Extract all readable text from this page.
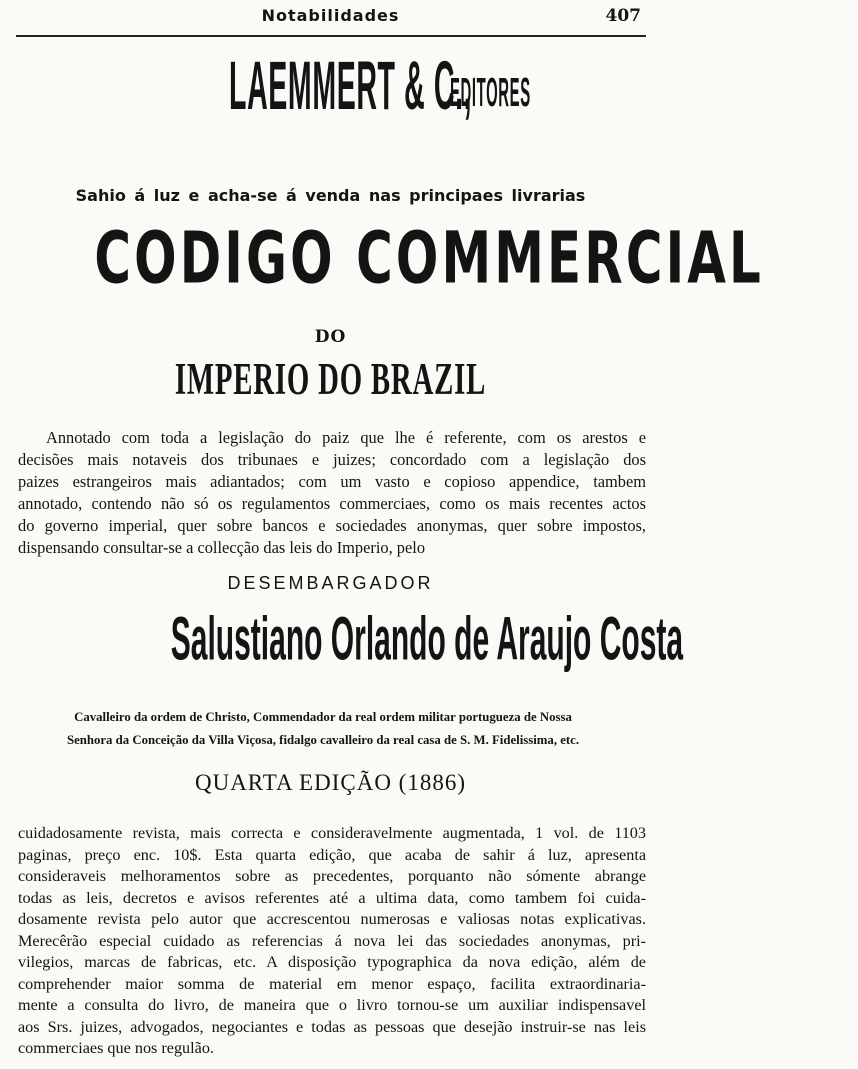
Notabilidades	407
LAEMMERT & C., EDITORES
Sahio á luz e acha-se á venda nas principaes livrarias
CODIGO COMMERCIAL
DO
IMPERIO DO BRAZIL
Annotado com toda a legislação do paiz que lhe é referente, com os arestos e
decisões mais notaveis dos tribunaes e juizes; concordado com a legislação dos
paizes estrangeiros mais adiantados; com um vasto e copioso appendice, tambem
annotado, contendo não só os regulamentos commerciaes, como os mais recentes actos
do governo imperial, quer sobre bancos e sociedades anonymas, quer sobre impostos,
dispensando consultar-se a collecção das leis do Imperio, pelo
DESEMBARGADOR
Salustiano Orlando de Araujo Costa
Cavalleiro da ordem de Christo, Commendador da real ordem militar portugueza de Nossa
Senhora da Conceição da Villa Viçosa, fidalgo cavalleiro da real casa de S. M. Fidelissima, etc.
QUARTA EDIÇÃO (1886)
cuidadosamente revista, mais correcta e consideravelmente augmentada, 1 vol. de 1103
paginas, preço enc. 10$. Esta quarta edição, que acaba de sahir á luz, apresenta
consideraveis melhoramentos sobre as precedentes, porquanto não sómente abrange
todas as leis, decretos e avisos referentes até a ultima data, como tambem foi cuida-
dosamente revista pelo autor que accrescentou numerosas e valiosas notas explicativas.
Merecêrão especial cuidado as referencias á nova lei das sociedades anonymas, pri-
vilegios, marcas de fabricas, etc. A disposição typographica da nova edição, além de
comprehender maior somma de material em menor espaço, facilita extraordinaria-
mente a consulta do livro, de maneira que o livro tornou-se um auxiliar indispensavel
aos Srs. juizes, advogados, negociantes e todas as pessoas que desejão instruir-se nas leis
commerciaes que nos regulão.
